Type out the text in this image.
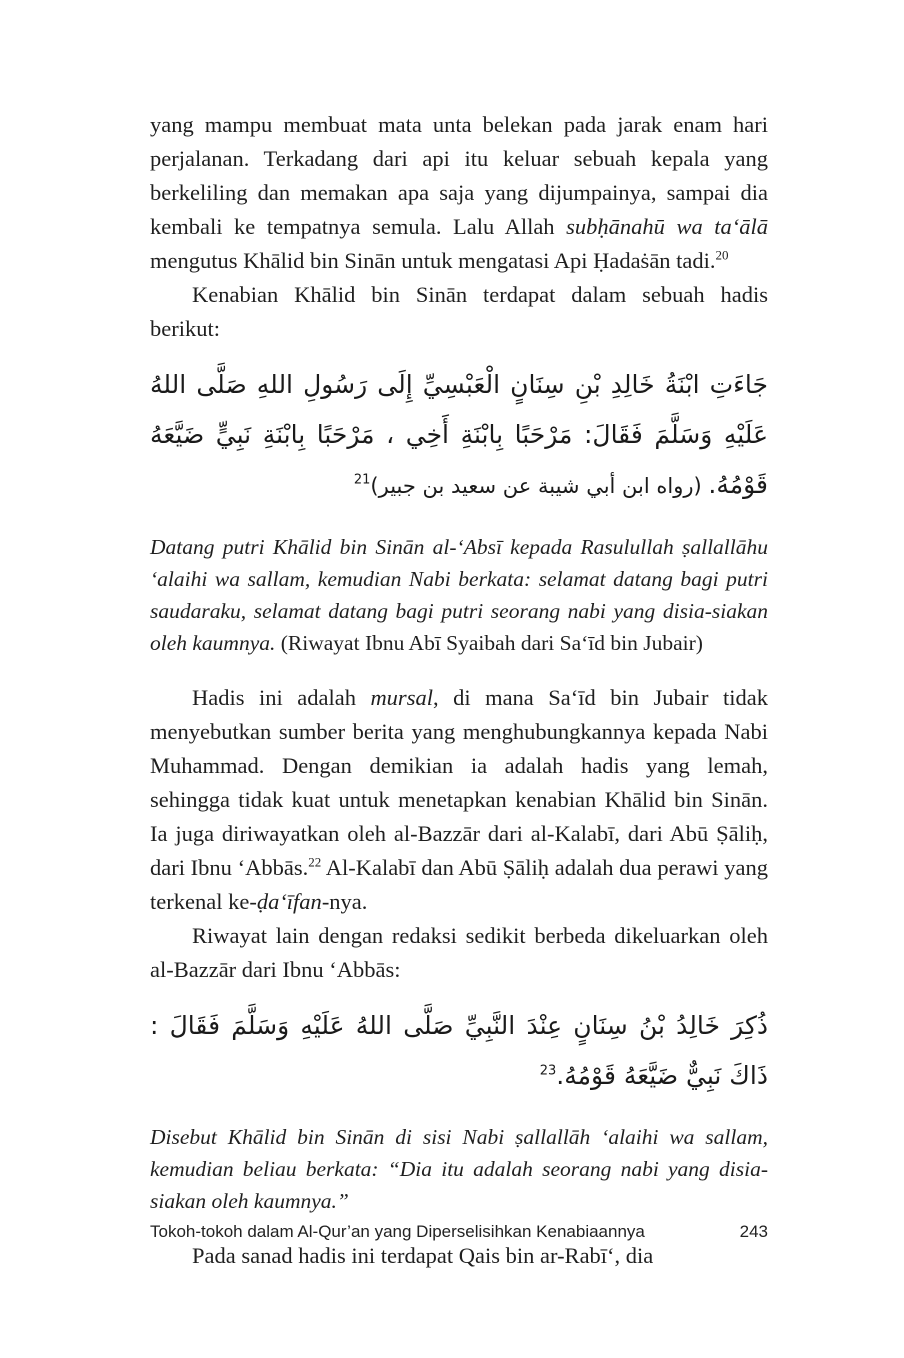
yang mampu membuat mata unta belekan pada jarak enam hari perjalanan. Terkadang dari api itu keluar sebuah kepala yang berkeliling dan memakan apa saja yang dijumpainya, sampai dia kembali ke tempatnya semula. Lalu Allah subḥānahū wa ta‘ālā mengutus Khālid bin Sinān untuk mengatasi Api Ḥadaṡān tadi.$^{20}$

Kenabian Khālid bin Sinān terdapat dalam sebuah hadis berikut:

جَاءَتِ ابْنَةُ خَالِدِ بْنِ سِنَانٍ الْعَبْسِيِّ إِلَى رَسُولِ اللهِ صَلَّى اللهُ عَلَيْهِ وَسَلَّمَ فَقَالَ: مَرْحَبًا بِابْنَةِ أَخِي ، مَرْحَبًا بِابْنَةِ نَبِيٍّ ضَيَّعَهُ قَوْمُهُ. (رواه ابن أبي شيبة عن سعيد بن جبير)$^{21}$

Datang putri Khālid bin Sinān al-‘Absī kepada Rasulullah ṣallallāhu ‘alaihi wa sallam, kemudian Nabi berkata: selamat datang bagi putri saudaraku, selamat datang bagi putri seorang nabi yang disia-siakan oleh kaumnya. (Riwayat Ibnu Abī Syaibah dari Sa‘īd bin Jubair)

Hadis ini adalah mursal, di mana Sa‘īd bin Jubair tidak menyebutkan sumber berita yang menghubungkannya kepada Nabi Muhammad. Dengan demikian ia adalah hadis yang lemah, sehingga tidak kuat untuk menetapkan kenabian Khālid bin Sinān. Ia juga diriwayatkan oleh al-Bazzār dari al-Kalabī, dari Abū Ṣāliḥ, dari Ibnu ‘Abbās.$^{22}$ Al-Kalabī dan Abū Ṣāliḥ adalah dua perawi yang terkenal ke-ḍa‘īfan-nya.

Riwayat lain dengan redaksi sedikit berbeda dikeluarkan oleh al-Bazzār dari Ibnu ‘Abbās:

ذُكِرَ خَالِدُ بْنُ سِنَانٍ عِنْدَ النَّبِيِّ صَلَّى اللهُ عَلَيْهِ وَسَلَّمَ فَقَالَ : ذَاكَ نَبِيٌّ ضَيَّعَهُ قَوْمُهُ.$^{23}$

Disebut Khālid bin Sinān di sisi Nabi ṣallallāh ‘alaihi wa sallam, kemudian beliau berkata: “Dia itu adalah seorang nabi yang disia-siakan oleh kaumnya.”

Pada sanad hadis ini terdapat Qais bin ar-Rabī‘, dia

Tokoh-tokoh dalam Al-Qur’an yang Diperselisihkan Kenabiaannya	243
